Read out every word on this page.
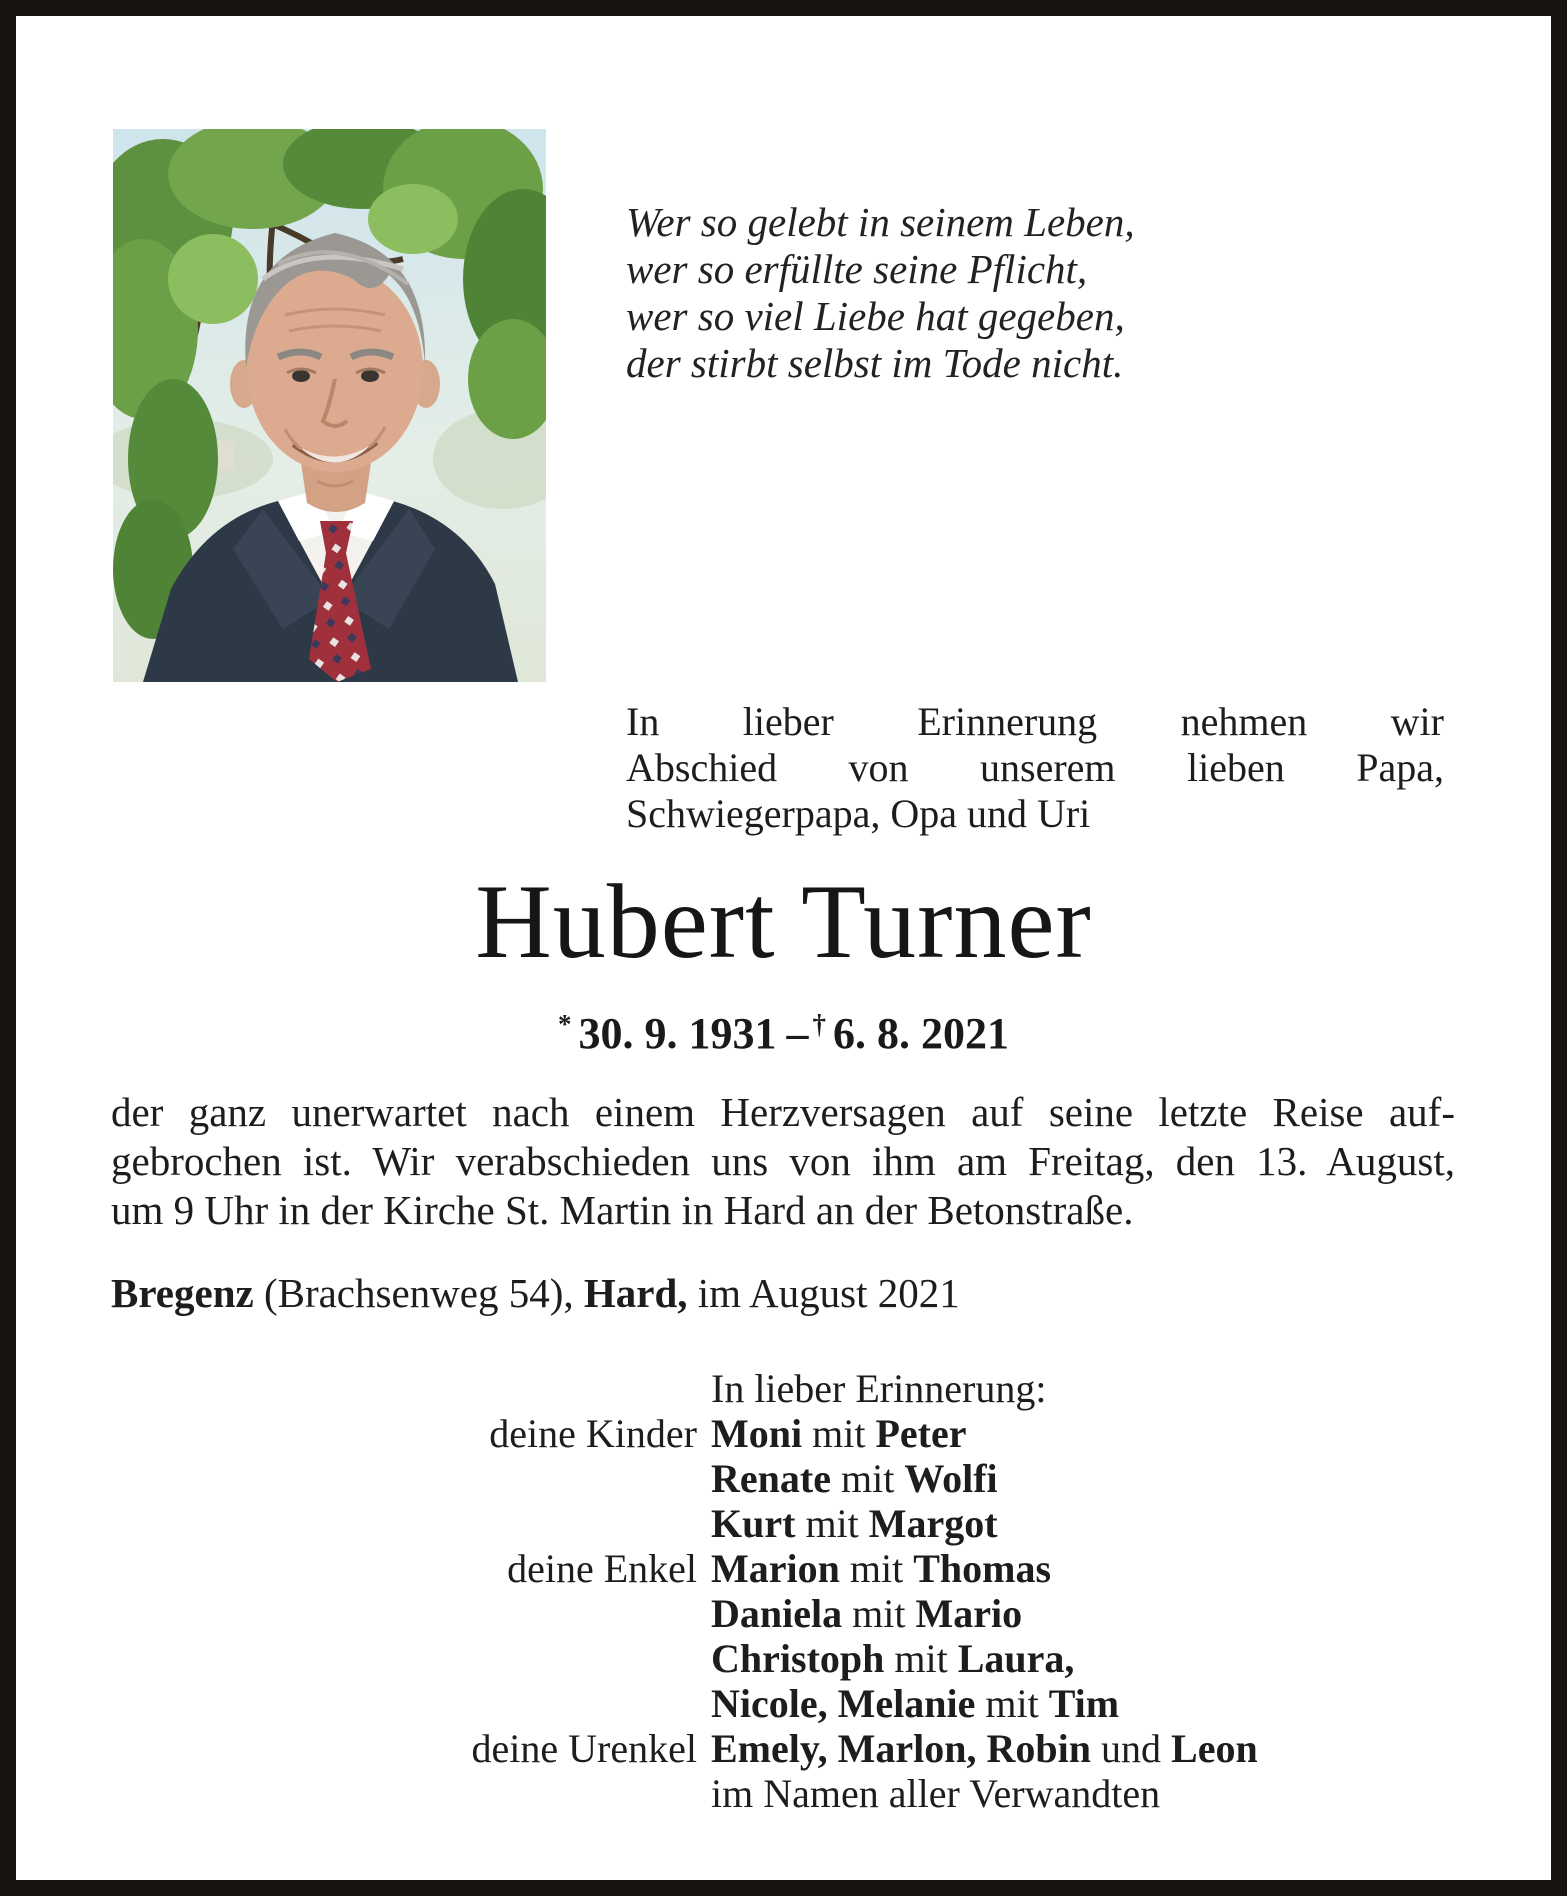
Wer so gelebt in seinem Leben,
wer so erfüllte seine Pflicht,
wer so viel Liebe hat gegeben,
der stirbt selbst im Tode nicht.
In lieber Erinnerung nehmen wir
Abschied von unserem lieben Papa,
Schwiegerpapa, Opa und Uri
Hubert Turner
* 30. 9. 1931 – † 6. 8. 2021
der ganz unerwartet nach einem Herzversagen auf seine letzte Reise auf-
gebrochen ist. Wir verabschieden uns von ihm am Freitag, den 13. August,
um 9 Uhr in der Kirche St. Martin in Hard an der Betonstraße.
Bregenz (Brachsenweg 54), Hard, im August 2021
In lieber Erinnerung:
deine Kinder Moni mit Peter
Renate mit Wolfi
Kurt mit Margot
deine Enkel Marion mit Thomas
Daniela mit Mario
Christoph mit Laura,
Nicole, Melanie mit Tim
deine Urenkel Emely, Marlon, Robin und Leon
im Namen aller Verwandten
